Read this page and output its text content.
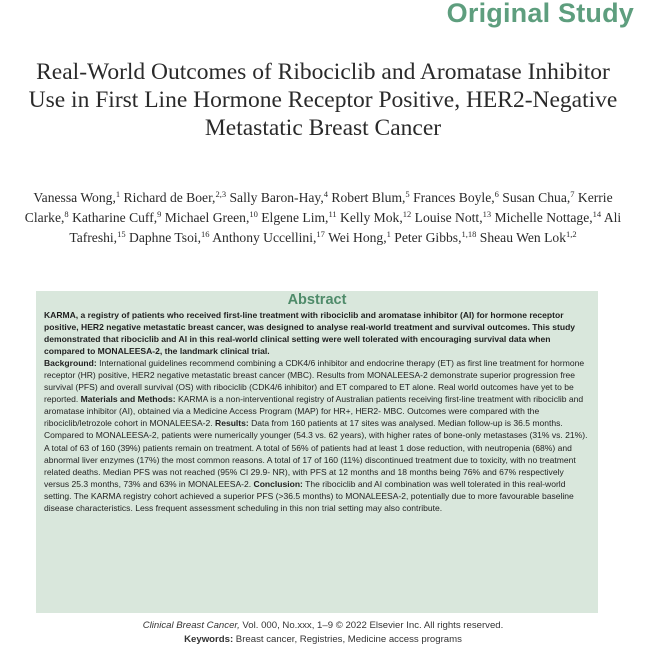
Original Study
Real-World Outcomes of Ribociclib and Aromatase Inhibitor Use in First Line Hormone Receptor Positive, HER2-Negative Metastatic Breast Cancer
Vanessa Wong,$^1$ Richard de Boer,$^{2,3}$ Sally Baron-Hay,$^4$ Robert Blum,$^5$ Frances Boyle,$^6$ Susan Chua,$^7$ Kerrie Clarke,$^8$ Katharine Cuff,$^9$ Michael Green,$^{10}$ Elgene Lim,$^{11}$ Kelly Mok,$^{12}$ Louise Nott,$^{13}$ Michelle Nottage,$^{14}$ Ali Tafreshi,$^{15}$ Daphne Tsoi,$^{16}$ Anthony Uccellini,$^{17}$ Wei Hong,$^1$ Peter Gibbs,$^{1,18}$ Sheau Wen Lok$^{1,2}$
Abstract

KARMA, a registry of patients who received first-line treatment with ribociclib and aromatase inhibitor (AI) for hormone receptor positive, HER2 negative metastatic breast cancer, was designed to analyse real-world treatment and survival outcomes. This study demonstrated that ribociclib and AI in this real-world clinical setting were well tolerated with encouraging survival data when compared to MONALEESA-2, the landmark clinical trial.

Background: International guidelines recommend combining a CDK4/6 inhibitor and endocrine therapy (ET) as first line treatment for hormone receptor (HR) positive, HER2 negative metastatic breast cancer (MBC). Results from MONALEESA-2 demonstrate superior progression free survival (PFS) and overall survival (OS) with ribociclib (CDK4/6 inhibitor) and ET compared to ET alone. Real world outcomes have yet to be reported. Materials and Methods: KARMA is a non-interventional registry of Australian patients receiving first-line treatment with ribociclib and aromatase inhibitor (AI), obtained via a Medicine Access Program (MAP) for HR+, HER2- MBC. Outcomes were compared with the ribociclib/letrozole cohort in MONALEESA-2. Results: Data from 160 patients at 17 sites was analysed. Median follow-up is 36.5 months. Compared to MONALEESA-2, patients were numerically younger (54.3 vs. 62 years), with higher rates of bone-only metastases (31% vs. 21%). A total of 63 of 160 (39%) patients remain on treatment. A total of 56% of patients had at least 1 dose reduction, with neutropenia (68%) and abnormal liver enzymes (17%) the most common reasons. A total of 17 of 160 (11%) discontinued treatment due to toxicity, with no treatment related deaths. Median PFS was not reached (95% CI 29.9- NR), with PFS at 12 months and 18 months being 76% and 67% respectively versus 25.3 months, 73% and 63% in MONALEESA-2. Conclusion: The ribociclib and AI combination was well tolerated in this real-world setting. The KARMA registry cohort achieved a superior PFS (>36.5 months) to MONALEESA-2, potentially due to more favourable baseline disease characteristics. Less frequent assessment scheduling in this non trial setting may also contribute.

Clinical Breast Cancer, Vol. 000, No.xxx, 1–9 © 2022 Elsevier Inc. All rights reserved.
Keywords: Breast cancer, Registries, Medicine access programs
